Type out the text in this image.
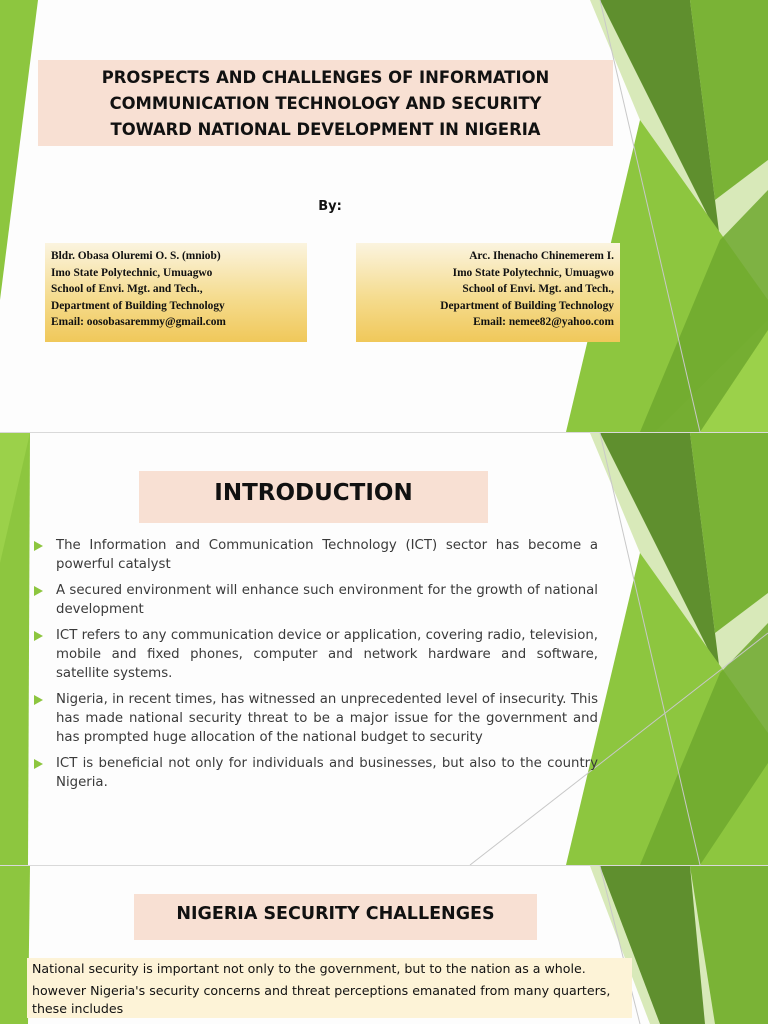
PROSPECTS AND CHALLENGES OF INFORMATION
COMMUNICATION TECHNOLOGY AND SECURITY
TOWARD NATIONAL DEVELOPMENT IN NIGERIA
By:
Bldr. Obasa Oluremi O. S. (mniob)
Imo State Polytechnic, Umuagwo
School of Envi. Mgt. and Tech.,
Department of Building Technology
Email: oosobasaremmy@gmail.com
Arc. Ihenacho Chinemerem I.
Imo State Polytechnic, Umuagwo
School of Envi. Mgt. and Tech.,
Department of Building Technology
Email: nemee82@yahoo.com
INTRODUCTION
The Information and Communication Technology (ICT) sector has become a powerful catalyst
A secured environment will enhance such environment for the growth of national development
ICT refers to any communication device or application, covering radio, television, mobile and fixed phones, computer and network hardware and software, satellite systems.
Nigeria, in recent times, has witnessed an unprecedented level of insecurity. This has made national security threat to be a major issue for the government and has prompted huge allocation of the national budget to security
ICT is beneficial not only for individuals and businesses, but also to the country Nigeria.
NIGERIA SECURITY CHALLENGES
National security is important not only to the government, but to the nation as a whole.
however Nigeria's security concerns and threat perceptions emanated from many quarters, these includes
